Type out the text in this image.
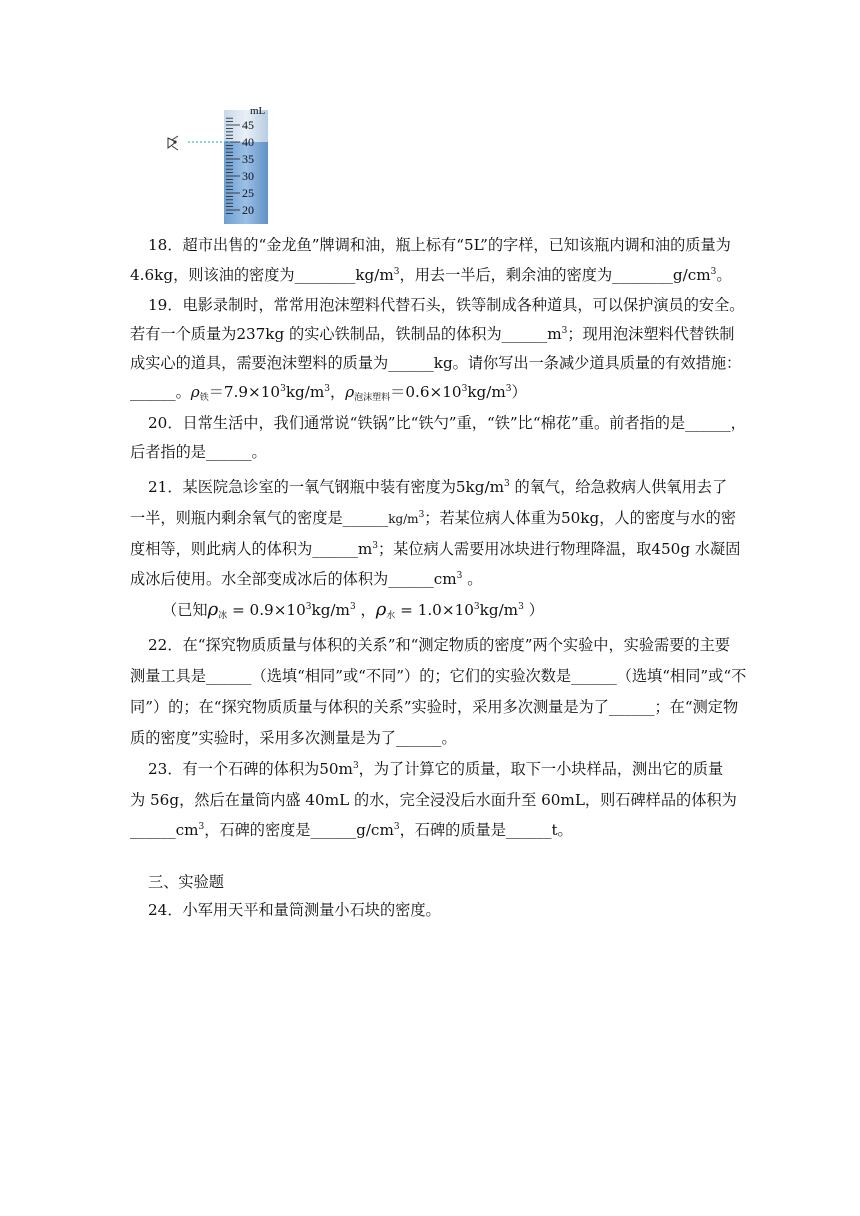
mL
45
40
35
30
25
20
18．超市出售的“金龙鱼”牌调和油，瓶上标有“5L”的字样，已知该瓶内调和油的质量为
4.6kg，则该油的密度为$\_\_\_\_\_\_\_\_kg/m^3$，用去一半后，剩余油的密度为$\_\_\_\_\_\_\_\_g/cm^3$。
19．电影录制时，常常用泡沫塑料代替石头，铁等制成各种道具，可以保护演员的安全。
若有一个质量为237kg 的实心铁制品，铁制品的体积为$\_\_\_\_\_\_m^3$；现用泡沫塑料代替铁制
成实心的道具，需要泡沫塑料的质量为______kg。请你写出一条减少道具质量的有效措施：
______。$\rho_铁=7.9\times 10^3kg/m^3$，$\rho_{泡沫塑料}=0.6\times 10^3kg/m^3$）
20．日常生活中，我们通常说“铁锅”比“铁勺”重，“铁”比“棉花”重。前者指的是______，
后者指的是______。
21．某医院急诊室的一氧气钢瓶中装有密度为$5kg/m^3$ 的氧气，给急救病人供氧用去了
一半，则瓶内剩余氧气的密度是$\_\_\_\_\_\_kg/m^3$；若某位病人体重为50kg，人的密度与水的密
度相等，则此病人的体积为$\_\_\_\_\_\_m^3$；某位病人需要用冰块进行物理降温，取450g 水凝固
成冰后使用。水全部变成冰后的体积为$\_\_\_\_\_\_cm^3$ 。
（已知$\rho_冰 = 0.9\times 10^3kg/m^3$ ，$\rho_水 = 1.0\times 10^3kg/m^3$ ）
22．在“探究物质质量与体积的关系”和“测定物质的密度”两个实验中，实验需要的主要
测量工具是______（选填“相同”或“不同”）的；它们的实验次数是______（选填“相同”或“不
同”）的；在“探究物质质量与体积的关系”实验时，采用多次测量是为了______；在“测定物
质的密度”实验时，采用多次测量是为了______。
23．有一个石碑的体积为$50m^3$，为了计算它的质量，取下一小块样品，测出它的质量
为 56g，然后在量筒内盛 40mL 的水，完全浸没后水面升至 60mL，则石碑样品的体积为
$\_\_\_\_\_\_cm^3$，石碑的密度是$\_\_\_\_\_\_g/cm^3$，石碑的质量是______t。
三、实验题
24．小军用天平和量筒测量小石块的密度。
